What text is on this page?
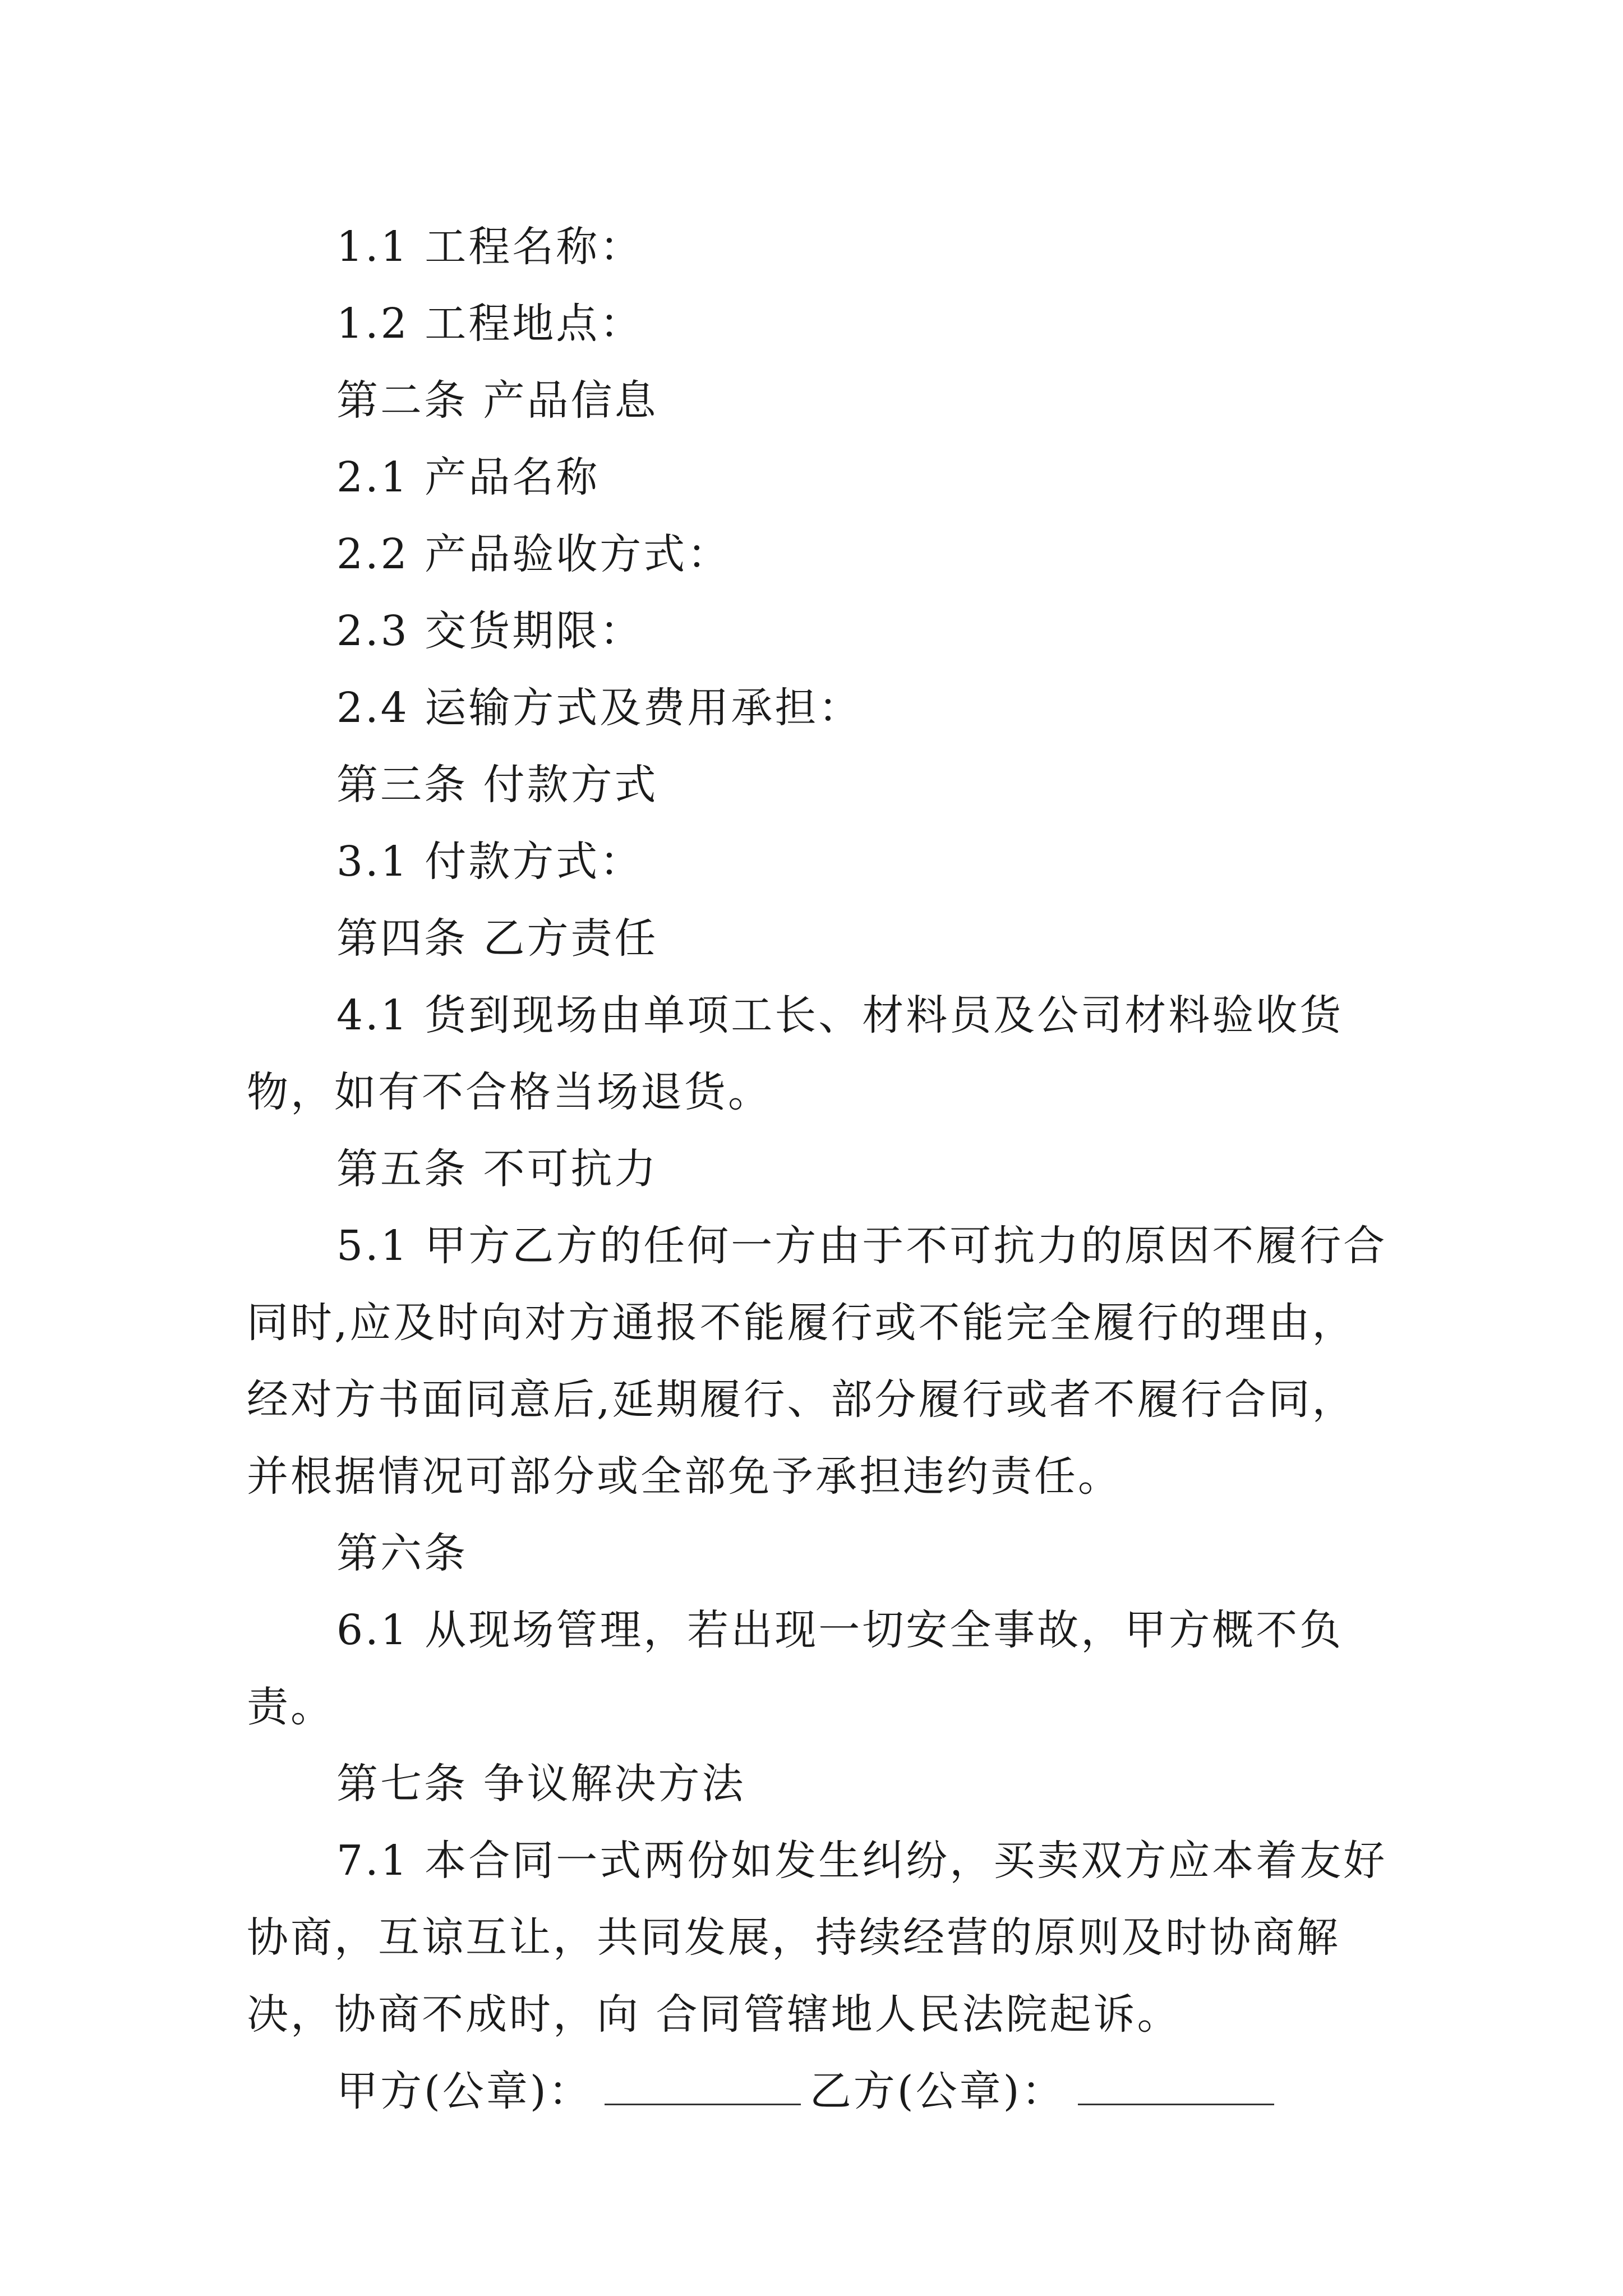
1.1 工程名称：

1.2 工程地点：

第二条 产品信息

2.1 产品名称

2.2 产品验收方式：

2.3 交货期限：

2.4 运输方式及费用承担：

第三条 付款方式

3.1 付款方式：

第四条 乙方责任

4.1 货到现场由单项工长、材料员及公司材料验收货物，如有不合格当场退货。

第五条 不可抗力

5.1 甲方乙方的任何一方由于不可抗力的原因不履行合同时,应及时向对方通报不能履行或不能完全履行的理由，经对方书面同意后,延期履行、部分履行或者不履行合同，并根据情况可部分或全部免予承担违约责任。

第六条

6.1 从现场管理，若出现一切安全事故，甲方概不负责。

第七条 争议解决方法

7.1 本合同一式两份如发生纠纷，买卖双方应本着友好协商，互谅互让，共同发展，持续经营的原则及时协商解决，协商不成时，向 合同管辖地人民法院起诉。

甲方(公章)：	乙方(公章)：
